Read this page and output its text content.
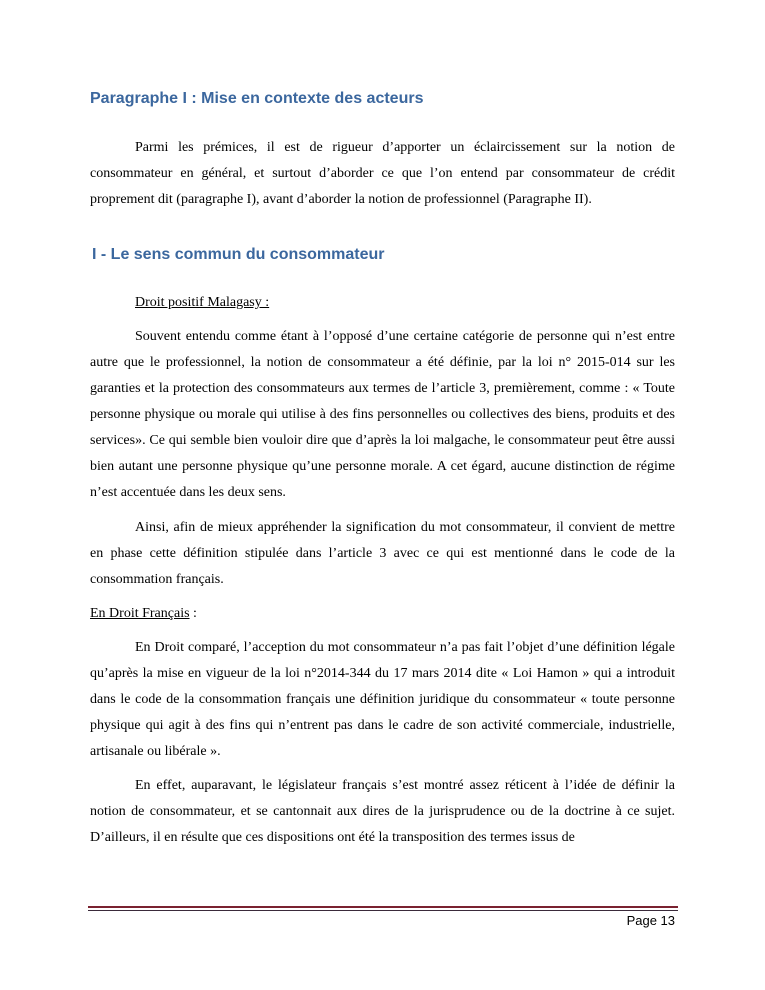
Paragraphe I : Mise en contexte des acteurs

Parmi les prémices, il est de rigueur d’apporter un éclaircissement sur la notion de consommateur en général, et surtout d’aborder ce que l’on entend par consommateur de crédit proprement dit (paragraphe I), avant d’aborder la notion de professionnel (Paragraphe II).

I - Le sens commun du consommateur

Droit positif Malagasy :

Souvent entendu comme étant à l’opposé d’une certaine catégorie de personne qui n’est entre autre que le professionnel, la notion de consommateur a été définie, par la loi n° 2015-014 sur les garanties et la protection des consommateurs aux termes de l’article 3, premièrement, comme : « Toute personne physique ou morale qui utilise à des fins personnelles ou collectives des biens, produits et des services». Ce qui semble bien vouloir dire que d’après la loi malgache, le consommateur peut être aussi bien autant une personne physique qu’une personne morale. A cet égard, aucune distinction de régime n’est accentuée dans les deux sens.

Ainsi, afin de mieux appréhender la signification du mot consommateur, il convient de mettre en phase cette définition stipulée dans l’article 3 avec ce qui est mentionné dans le code de la consommation français.

En Droit Français :

En Droit comparé, l’acception du mot consommateur n’a pas fait l’objet d’une définition légale qu’après la mise en vigueur de la loi n°2014-344 du 17 mars 2014 dite « Loi Hamon » qui a introduit dans le code de la consommation français une définition juridique du consommateur « toute personne physique qui agit à des fins qui n’entrent pas dans le cadre de son activité commerciale, industrielle, artisanale ou libérale ».

En effet, auparavant, le législateur français s’est montré assez réticent à l’idée de définir la notion de consommateur, et se cantonnait aux dires de la jurisprudence ou de la doctrine à ce sujet. D’ailleurs, il en résulte que ces dispositions ont été la transposition des termes issus de

Page 13
